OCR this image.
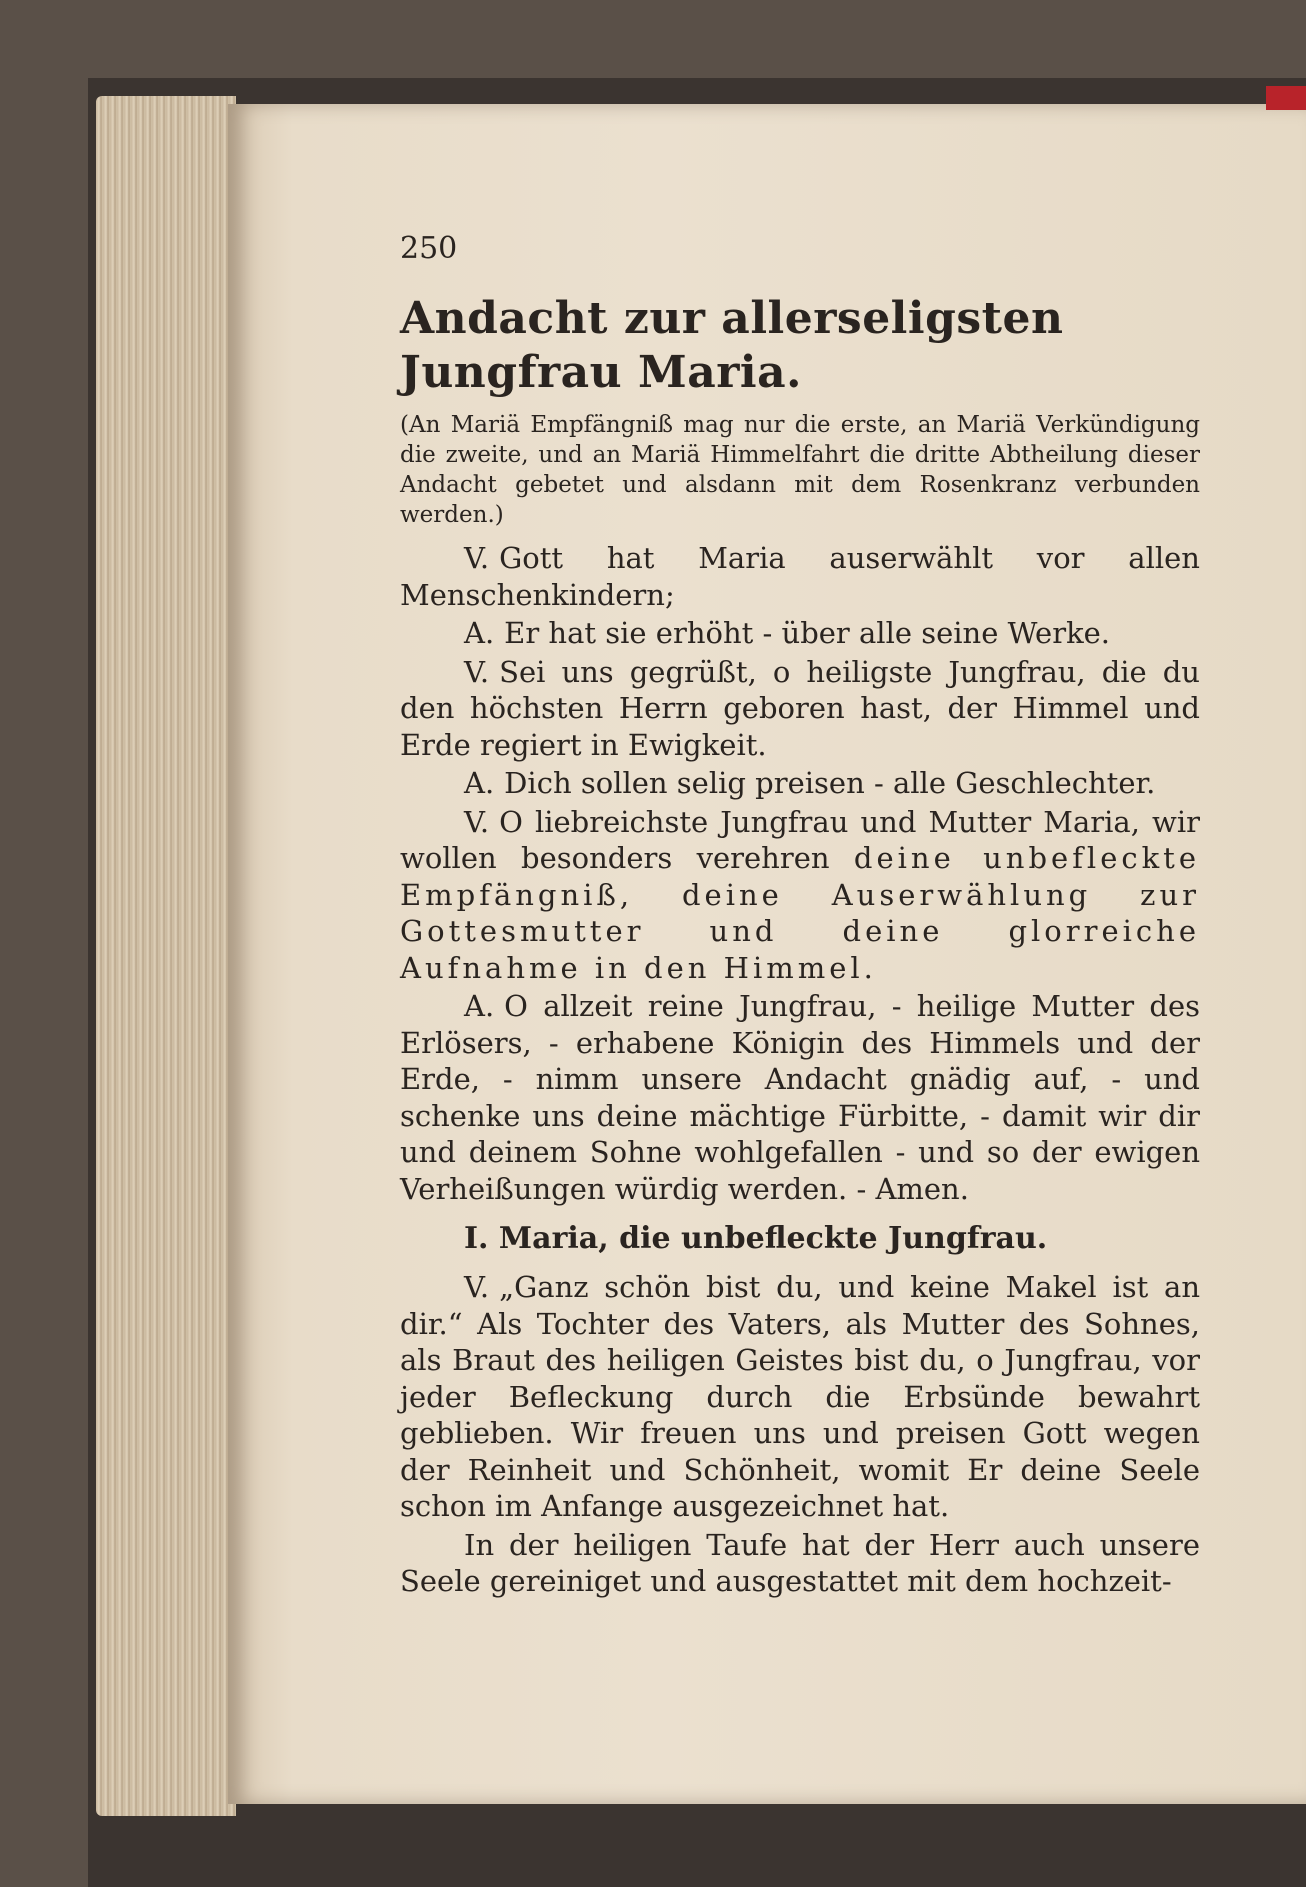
250
Andacht zur allerseligsten Jungfrau Maria.
(An Mariä Empfängniß mag nur die erste, an Mariä Verkündigung die zweite, und an Mariä Himmelfahrt die dritte Abtheilung dieser Andacht gebetet und alsdann mit dem Rosenkranz verbunden werden.)
V. Gott hat Maria auserwählt vor allen Menschenkindern;
A. Er hat sie erhöht - über alle seine Werke.
V. Sei uns gegrüßt, o heiligste Jungfrau, die du den höchsten Herrn geboren hast, der Himmel und Erde regiert in Ewigkeit.
A. Dich sollen selig preisen - alle Geschlechter.
V. O liebreichste Jungfrau und Mutter Maria, wir wollen besonders verehren deine unbefleckte Empfängniß, deine Auserwählung zur Gottesmutter und deine glorreiche Aufnahme in den Himmel.
A. O allzeit reine Jungfrau, - heilige Mutter des Erlösers, - erhabene Königin des Himmels und der Erde, - nimm unsere Andacht gnädig auf, - und schenke uns deine mächtige Fürbitte, - damit wir dir und deinem Sohne wohlgefallen - und so der ewigen Verheißungen würdig werden. - Amen.
I. Maria, die unbefleckte Jungfrau.
V. „Ganz schön bist du, und keine Makel ist an dir.“ Als Tochter des Vaters, als Mutter des Sohnes, als Braut des heiligen Geistes bist du, o Jungfrau, vor jeder Befleckung durch die Erbsünde bewahrt geblieben. Wir freuen uns und preisen Gott wegen der Reinheit und Schönheit, womit Er deine Seele schon im Anfange ausgezeichnet hat.
In der heiligen Taufe hat der Herr auch unsere Seele gereiniget und ausgestattet mit dem hochzeit-
